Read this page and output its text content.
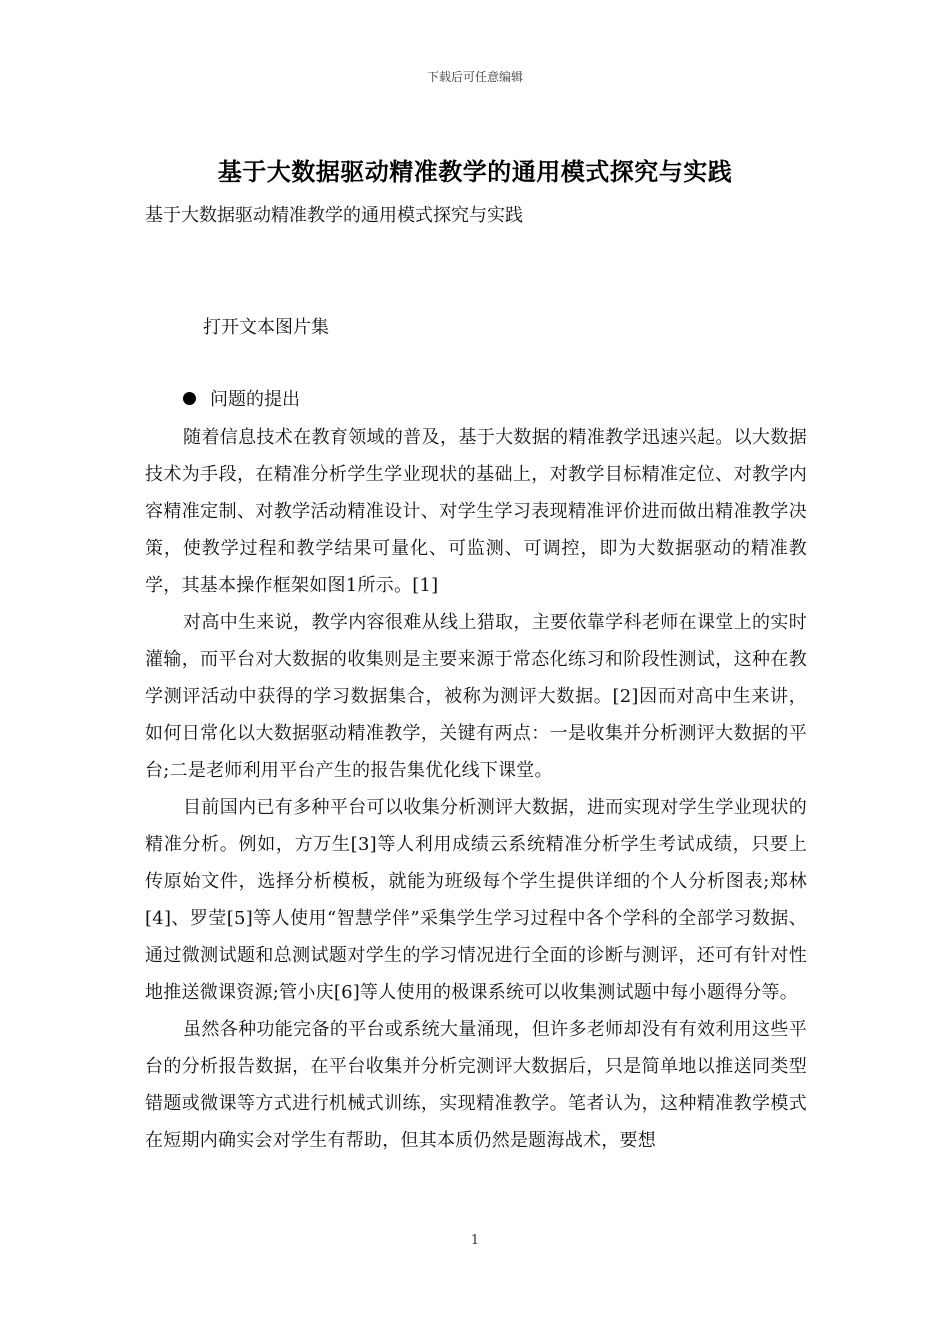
下载后可任意编辑
基于大数据驱动精准教学的通用模式探究与实践
基于大数据驱动精准教学的通用模式探究与实践
打开文本图片集
问题的提出

随着信息技术在教育领域的普及，基于大数据的精准教学迅速兴起。以大数据技术为手段，在精准分析学生学业现状的基础上，对教学目标精准定位、对教学内容精准定制、对教学活动精准设计、对学生学习表现精准评价进而做出精准教学决策，使教学过程和教学结果可量化、可监测、可调控，即为大数据驱动的精准教学，其基本操作框架如图1所示。[1]

对高中生来说，教学内容很难从线上猎取，主要依靠学科老师在课堂上的实时灌输，而平台对大数据的收集则是主要来源于常态化练习和阶段性测试，这种在教学测评活动中获得的学习数据集合，被称为测评大数据。[2]因而对高中生来讲，如何日常化以大数据驱动精准教学，关键有两点：一是收集并分析测评大数据的平台;二是老师利用平台产生的报告集优化线下课堂。

目前国内已有多种平台可以收集分析测评大数据，进而实现对学生学业现状的精准分析。例如，方万生[3]等人利用成绩云系统精准分析学生考试成绩，只要上传原始文件，选择分析模板，就能为班级每个学生提供详细的个人分析图表;郑林[4]、罗莹[5]等人使用“智慧学伴”采集学生学习过程中各个学科的全部学习数据、通过微测试题和总测试题对学生的学习情况进行全面的诊断与测评，还可有针对性地推送微课资源;管小庆[6]等人使用的极课系统可以收集测试题中每小题得分等。

虽然各种功能完备的平台或系统大量涌现，但许多老师却没有有效利用这些平台的分析报告数据，在平台收集并分析完测评大数据后，只是简单地以推送同类型错题或微课等方式进行机械式训练，实现精准教学。笔者认为，这种精准教学模式在短期内确实会对学生有帮助，但其本质仍然是题海战术，要想

1
